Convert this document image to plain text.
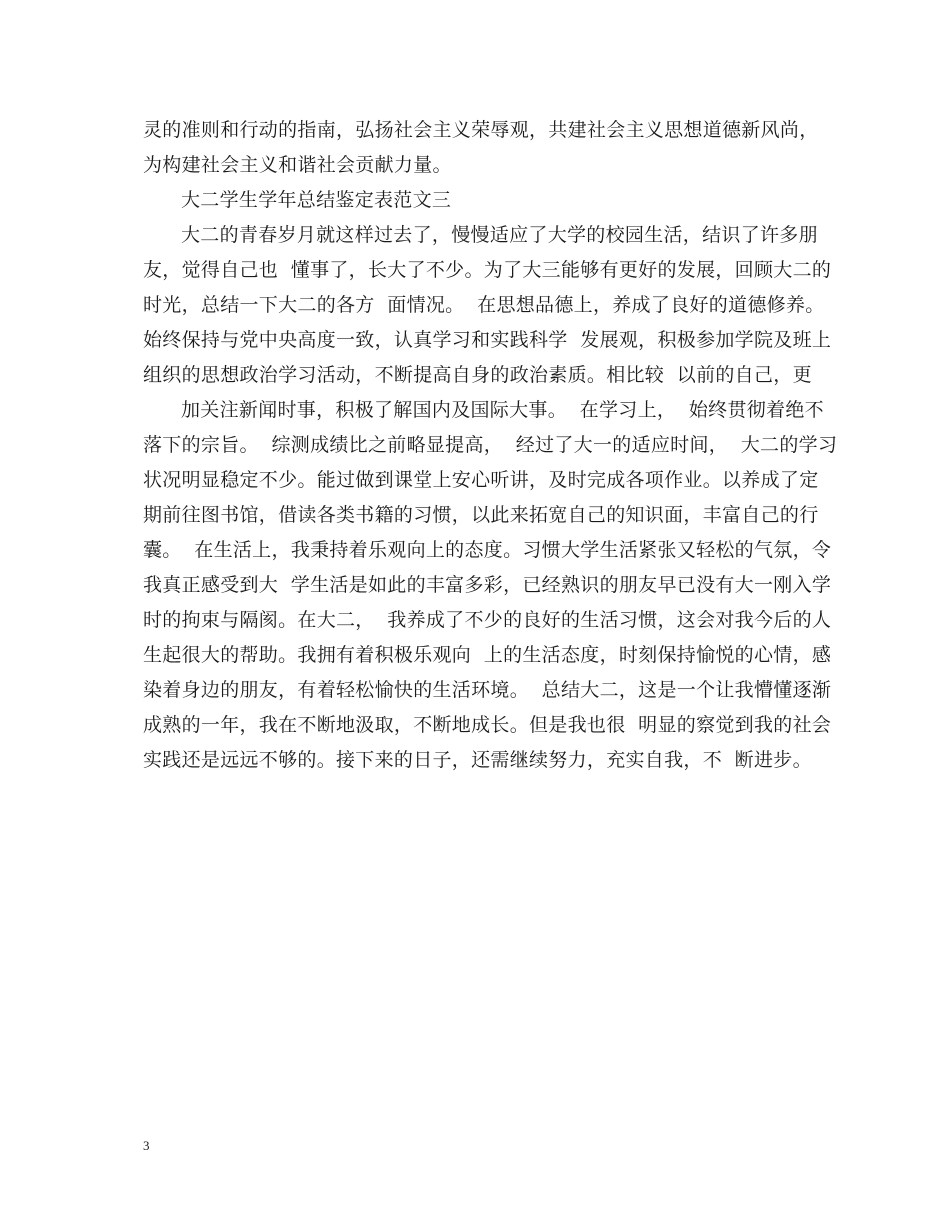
灵的准则和行动的指南，弘扬社会主义荣辱观，共建社会主义思想道德新风尚，
为构建社会主义和谐社会贡献力量。
大二学生学年总结鉴定表范文三
大二的青春岁月就这样过去了，慢慢适应了大学的校园生活，结识了许多朋
友，觉得自己也  懂事了，长大了不少。为了大三能够有更好的发展，回顾大二的
时光，总结一下大二的各方  面情况。  在思想品德上，养成了良好的道德修养。
始终保持与党中央高度一致，认真学习和实践科学  发展观，积极参加学院及班上
组织的思想政治学习活动，不断提高自身的政治素质。相比较  以前的自己，更
加关注新闻时事，积极了解国内及国际大事。  在学习上，  始终贯彻着绝不
落下的宗旨。  综测成绩比之前略显提高，  经过了大一的适应时间，  大二的学习
状况明显稳定不少。能过做到课堂上安心听讲，及时完成各项作业。以养成了定
期前往图书馆，借读各类书籍的习惯，以此来拓宽自己的知识面，丰富自己的行
囊。  在生活上，我秉持着乐观向上的态度。习惯大学生活紧张又轻松的气氛，令
我真正感受到大  学生活是如此的丰富多彩，已经熟识的朋友早已没有大一刚入学
时的拘束与隔阂。在大二，  我养成了不少的良好的生活习惯，这会对我今后的人
生起很大的帮助。我拥有着积极乐观向  上的生活态度，时刻保持愉悦的心情，感
染着身边的朋友，有着轻松愉快的生活环境。  总结大二，这是一个让我懵懂逐渐
成熟的一年，我在不断地汲取，不断地成长。但是我也很  明显的察觉到我的社会
实践还是远远不够的。接下来的日子，还需继续努力，充实自我，不  断进步。
3
